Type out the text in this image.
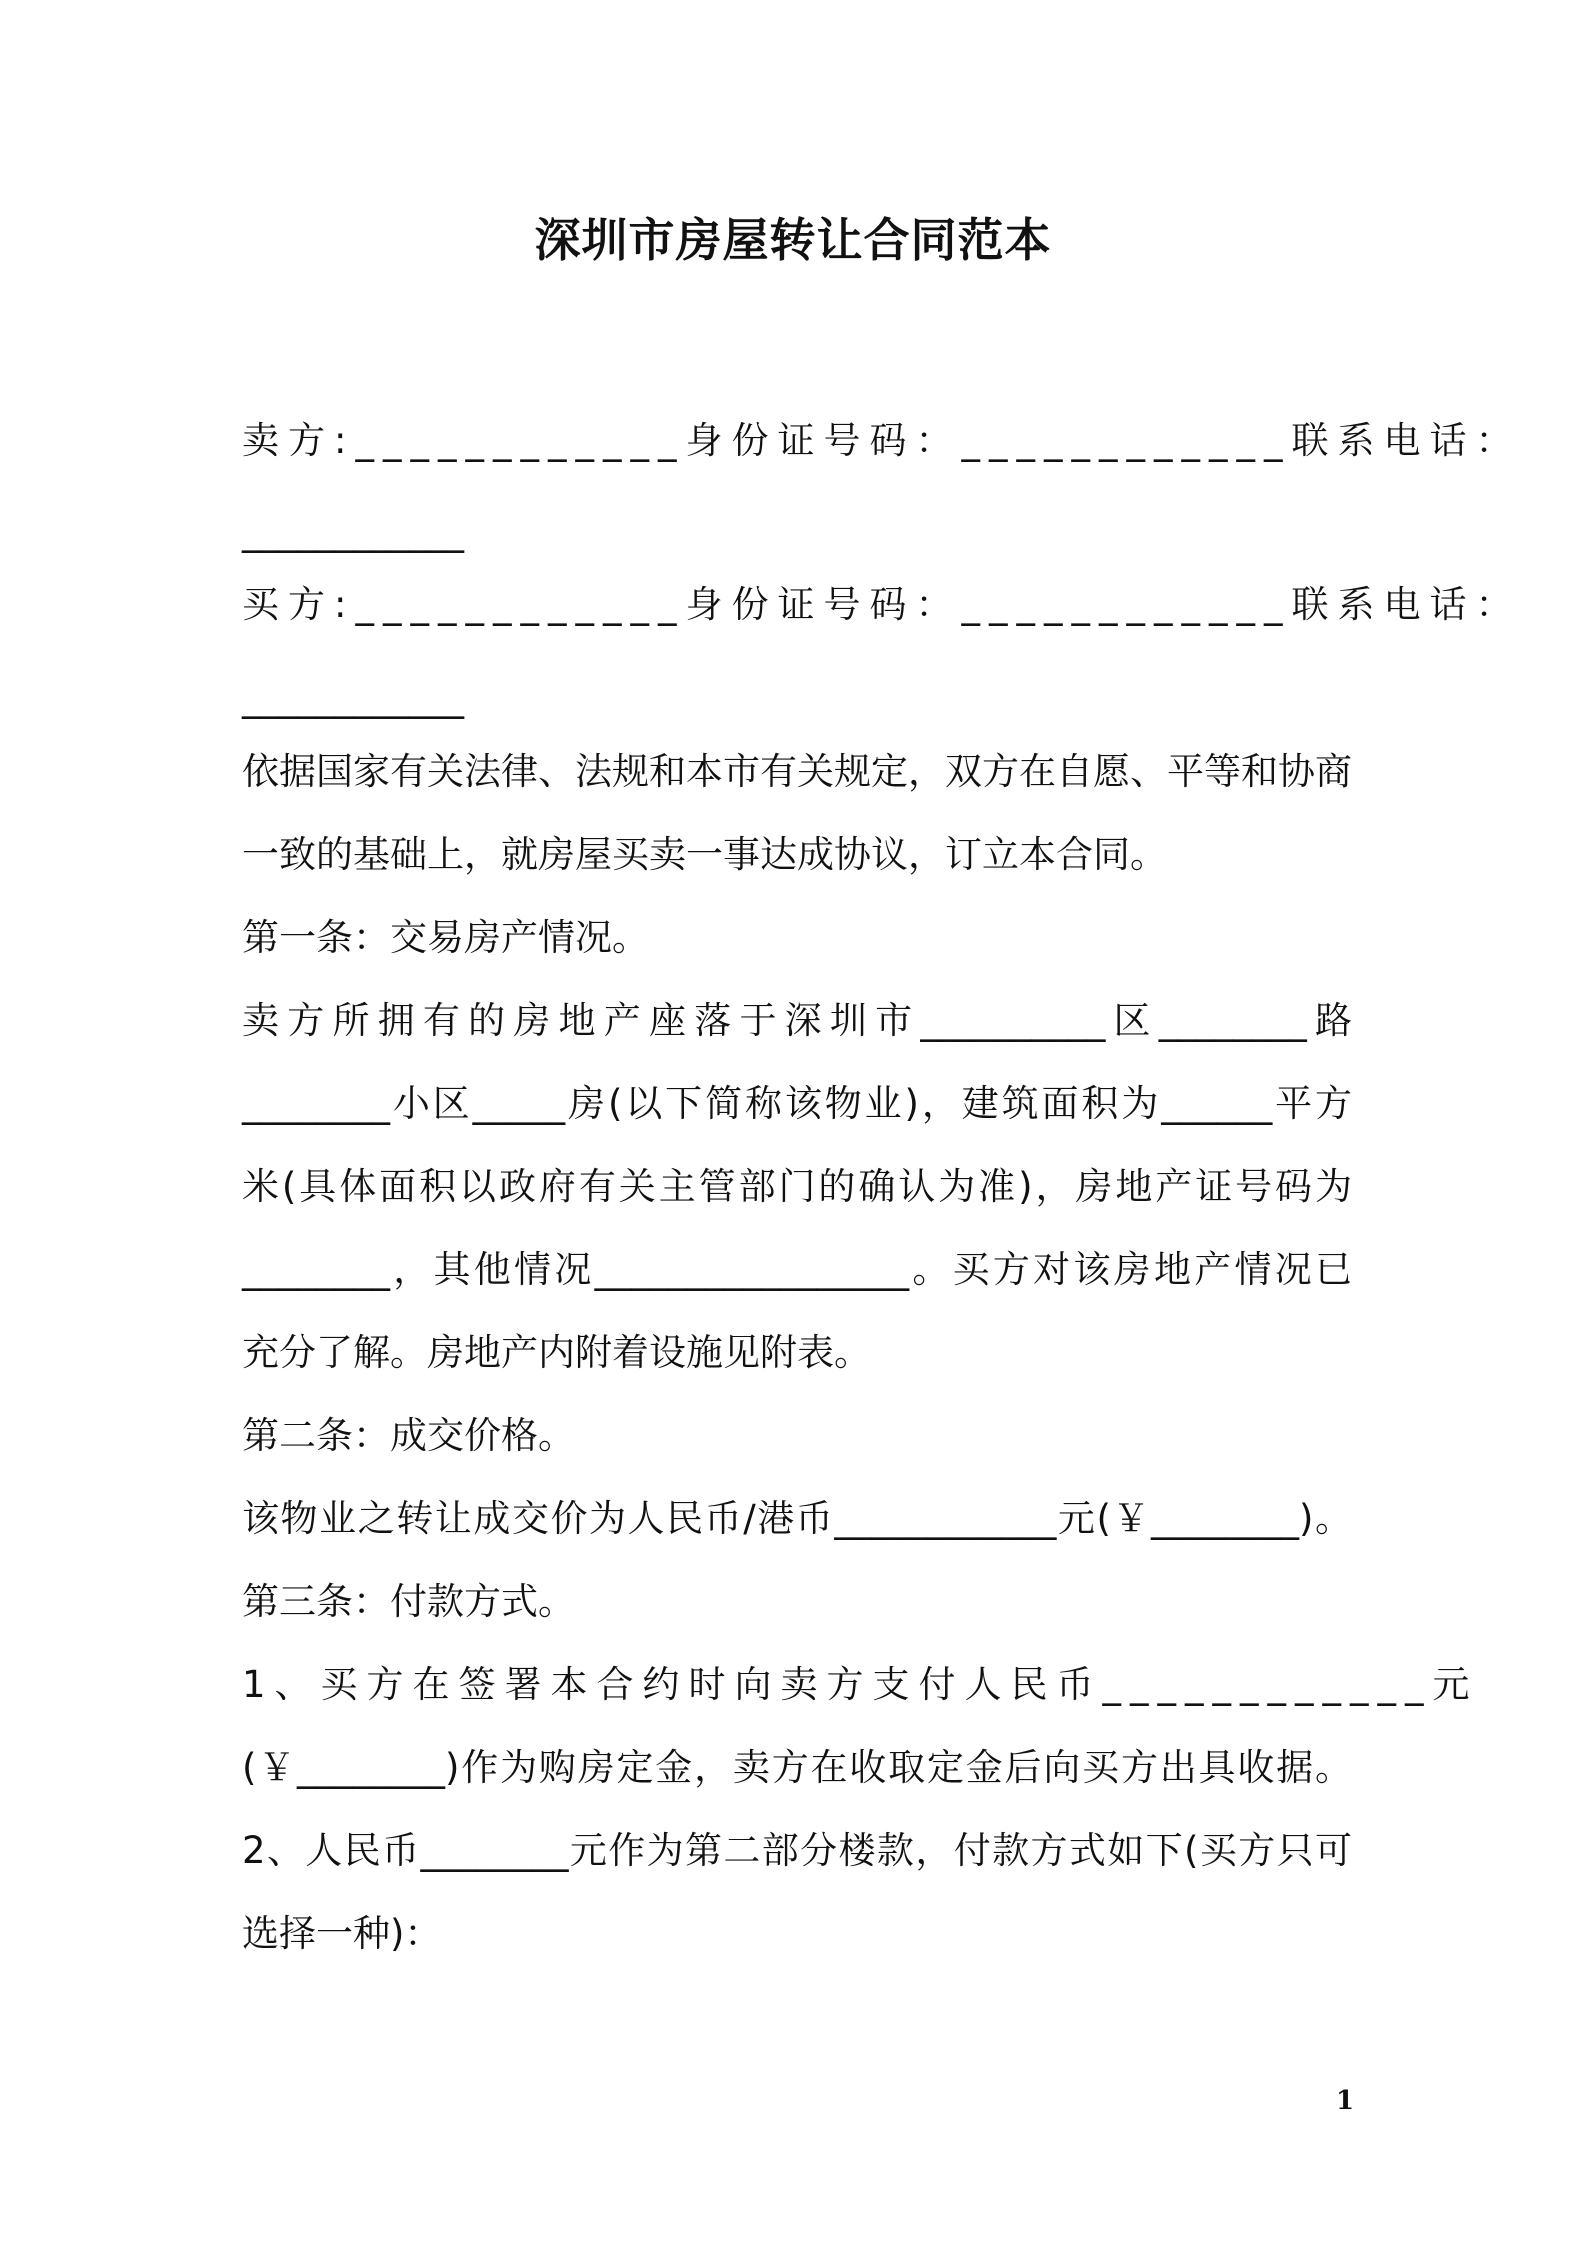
深圳市房屋转让合同范本
卖方:____________身份证号码：____________联系电话：
____________
买方:____________身份证号码：____________联系电话：
____________
依据国家有关法律、法规和本市有关规定，双方在自愿、平等和协商
一致的基础上，就房屋买卖一事达成协议，订立本合同。
第一条：交易房产情况。
卖方所拥有的房地产座落于深圳市__________区________路
________小区_____房(以下简称该物业)，建筑面积为______平方
米(具体面积以政府有关主管部门的确认为准)，房地产证号码为
________，其他情况_________________。买方对该房地产情况已
充分了解。房地产内附着设施见附表。
第二条：成交价格。
该物业之转让成交价为人民币/港币____________元(￥________)。
第三条：付款方式。
1、买方在签署本合约时向卖方支付人民币____________元
(￥________)作为购房定金，卖方在收取定金后向买方出具收据。
2、人民币________元作为第二部分楼款，付款方式如下(买方只可
选择一种)：
1
